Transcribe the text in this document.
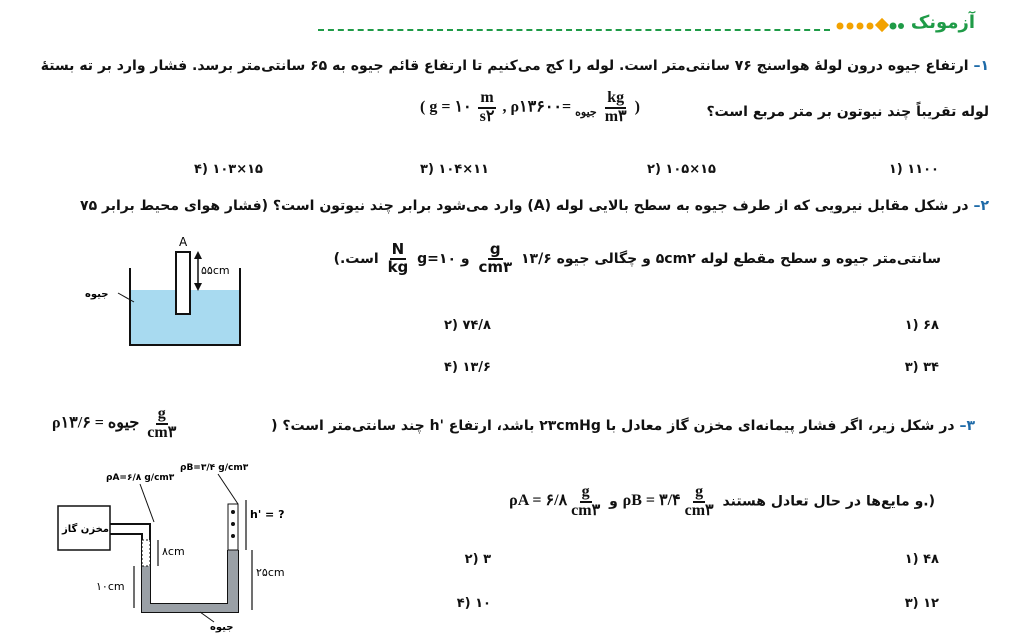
آزمونک
۱– ارتفاع جیوه درون لولهٔ هواسنج ۷۶ سانتی‌متر است. لوله را کج می‌کنیم تا ارتفاع قائم جیوه به ۶۵ سانتی‌متر برسد. فشار وارد بر ته بستهٔ
لوله تقریباً چند نیوتون بر متر مربع است؟
( g = ۱۰ $\frac{m}{s۲}$ , ρ	$_{جیوه}$ =۱۳۶۰۰ $\frac{kg}{m۳}$ )
۱۱۰۰ (۱
۱۵×۱۰۵ (۲
۱۱×۱۰۴ (۳
۱۵×۱۰۳ (۴
۲– در شکل مقابل نیرویی که از طرف جیوه به سطح بالایی لوله (A) وارد می‌شود برابر چند نیوتون است؟ (فشار هوای محیط برابر ۷۵
سانتی‌متر جیوه و سطح مقطع لوله ۵cm۲ و چگالی جیوه ۱۳/۶
$\frac{g}{cm۳}$
و g=۱۰
$\frac{N}{kg}$
است.)
A
۵۵cm
جیوه
۶۸ (۱
۷۴/۸ (۲
۳۴ (۳
۱۳/۶ (۴
۳– در شکل زیر، اگر فشار پیمانه‌ای مخزن گاز معادل با ۲۳cmHg باشد، ارتفاع 'h چند سانتی‌متر است؟ (
ρجیوه = ۱۳/۶ $\frac{g}{cm۳}$
ρA = ۶/۸ $\frac{g}{cm۳}$ و ρB = ۳/۴ $\frac{g}{cm۳}$ و مایع‌ها در حال تعادل هستند.)
ρA=۶/۸ g/cm۳
ρB=۳/۴ g/cm۳
مخزن گاز
h' = ?
۲۵cm
۸cm
۱۰cm
جیوه
۴۸ (۱
۳ (۲
۱۲ (۳
۱۰ (۴
